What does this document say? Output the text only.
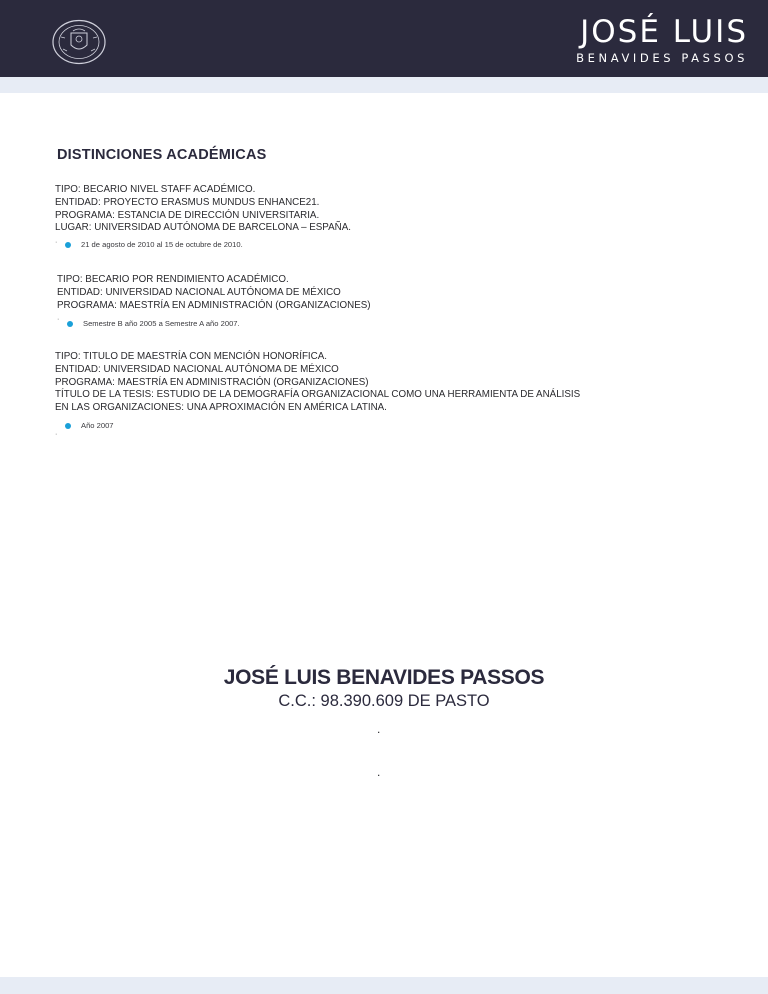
JOSÉ LUIS
BENAVIDES PASSOS
DISTINCIONES ACADÉMICAS
TIPO: BECARIO NIVEL STAFF ACADÉMICO.
ENTIDAD: PROYECTO ERASMUS MUNDUS ENHANCE21.
PROGRAMA: ESTANCIA DE DIRECCIÓN UNIVERSITARIA.
LUGAR: UNIVERSIDAD AUTÓNOMA DE BARCELONA – ESPAÑA.
·	21 de agosto de 2010 al 15 de octubre de 2010.
TIPO: BECARIO POR RENDIMIENTO ACADÉMICO.
ENTIDAD: UNIVERSIDAD NACIONAL AUTÓNOMA DE MÉXICO
PROGRAMA: MAESTRÍA EN ADMINISTRACIÓN (ORGANIZACIONES)
·	Semestre B año 2005 a Semestre A año 2007.
TIPO: TITULO DE MAESTRÍA CON MENCIÓN HONORÍFICA.
ENTIDAD: UNIVERSIDAD NACIONAL AUTÓNOMA DE MÉXICO
PROGRAMA: MAESTRÍA EN ADMINISTRACIÓN (ORGANIZACIONES)
TÍTULO DE LA TESIS: ESTUDIO DE LA DEMOGRAFÍA ORGANIZACIONAL COMO UNA HERRAMIENTA DE ANÁLISIS
EN LAS ORGANIZACIONES: UNA APROXIMACIÓN EN AMÉRICA LATINA.
Año 2007
·
JOSÉ LUIS BENAVIDES PASSOS
C.C.: 98.390.609 DE PASTO
.
.
